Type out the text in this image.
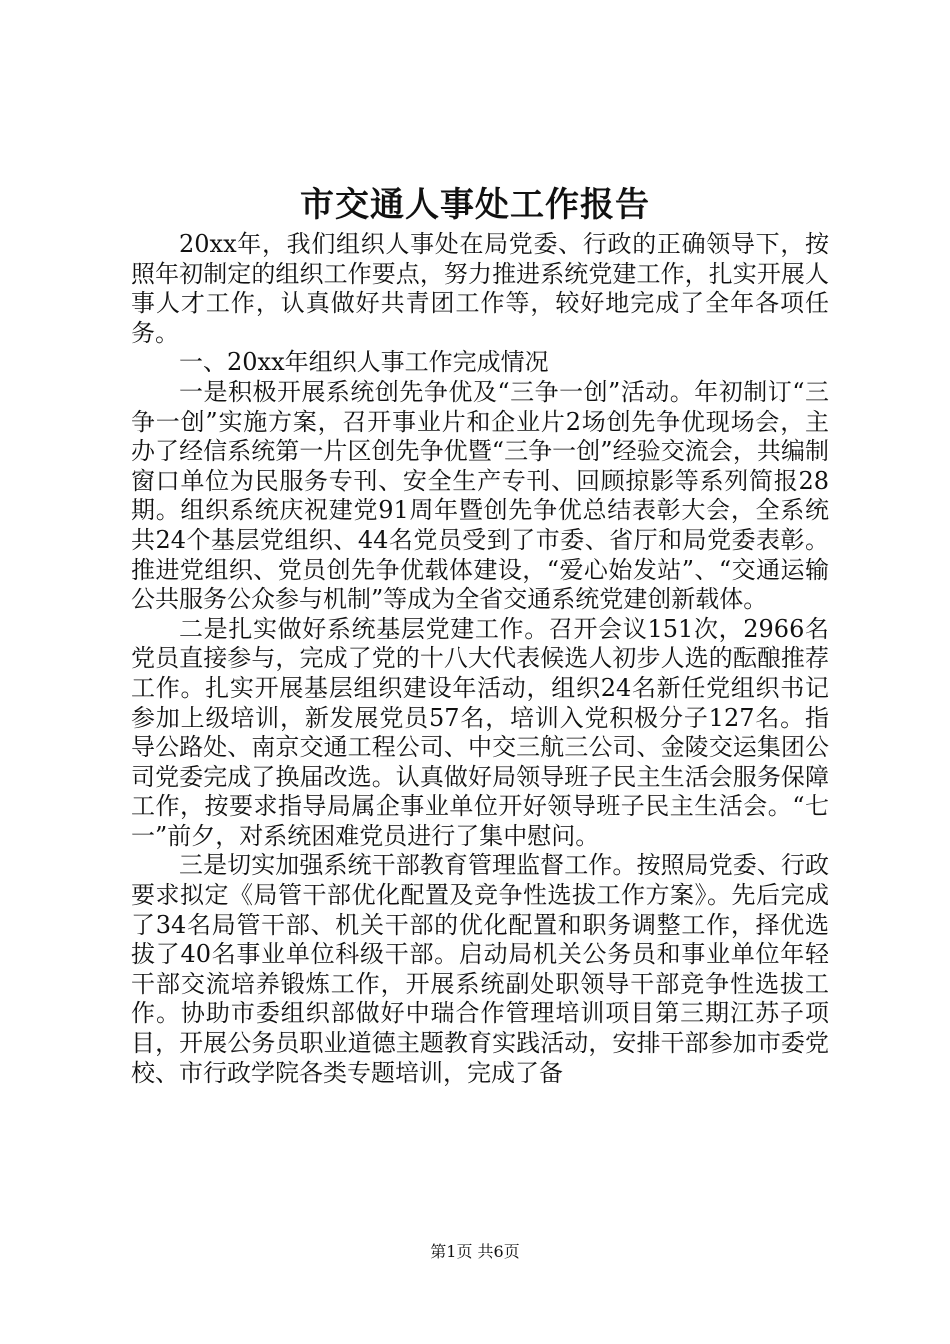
市交通人事处工作报告

20xx年，我们组织人事处在局党委、行政的正确领导下，按照年初制定的组织工作要点，努力推进系统党建工作，扎实开展人事人才工作，认真做好共青团工作等，较好地完成了全年各项任务。

一、20xx年组织人事工作完成情况

一是积极开展系统创先争优及“三争一创”活动。年初制订“三争一创”实施方案，召开事业片和企业片2场创先争优现场会，主办了经信系统第一片区创先争优暨“三争一创”经验交流会，共编制窗口单位为民服务专刊、安全生产专刊、回顾掠影等系列简报28期。组织系统庆祝建党91周年暨创先争优总结表彰大会，全系统共24个基层党组织、44名党员受到了市委、省厅和局党委表彰。推进党组织、党员创先争优载体建设，“爱心始发站”、“交通运输公共服务公众参与机制”等成为全省交通系统党建创新载体。

二是扎实做好系统基层党建工作。召开会议151次，2966名党员直接参与，完成了党的十八大代表候选人初步人选的酝酿推荐工作。扎实开展基层组织建设年活动，组织24名新任党组织书记参加上级培训，新发展党员57名，培训入党积极分子127名。指导公路处、南京交通工程公司、中交三航三公司、金陵交运集团公司党委完成了换届改选。认真做好局领导班子民主生活会服务保障工作，按要求指导局属企事业单位开好领导班子民主生活会。“七一”前夕，对系统困难党员进行了集中慰问。

三是切实加强系统干部教育管理监督工作。按照局党委、行政要求拟定《局管干部优化配置及竞争性选拔工作方案》。先后完成了34名局管干部、机关干部的优化配置和职务调整工作，择优选拔了40名事业单位科级干部。启动局机关公务员和事业单位年轻干部交流培养锻炼工作，开展系统副处职领导干部竞争性选拔工作。协助市委组织部做好中瑞合作管理培训项目第三期江苏子项目，开展公务员职业道德主题教育实践活动，安排干部参加市委党校、市行政学院各类专题培训，完成了备

第1页 共6页
